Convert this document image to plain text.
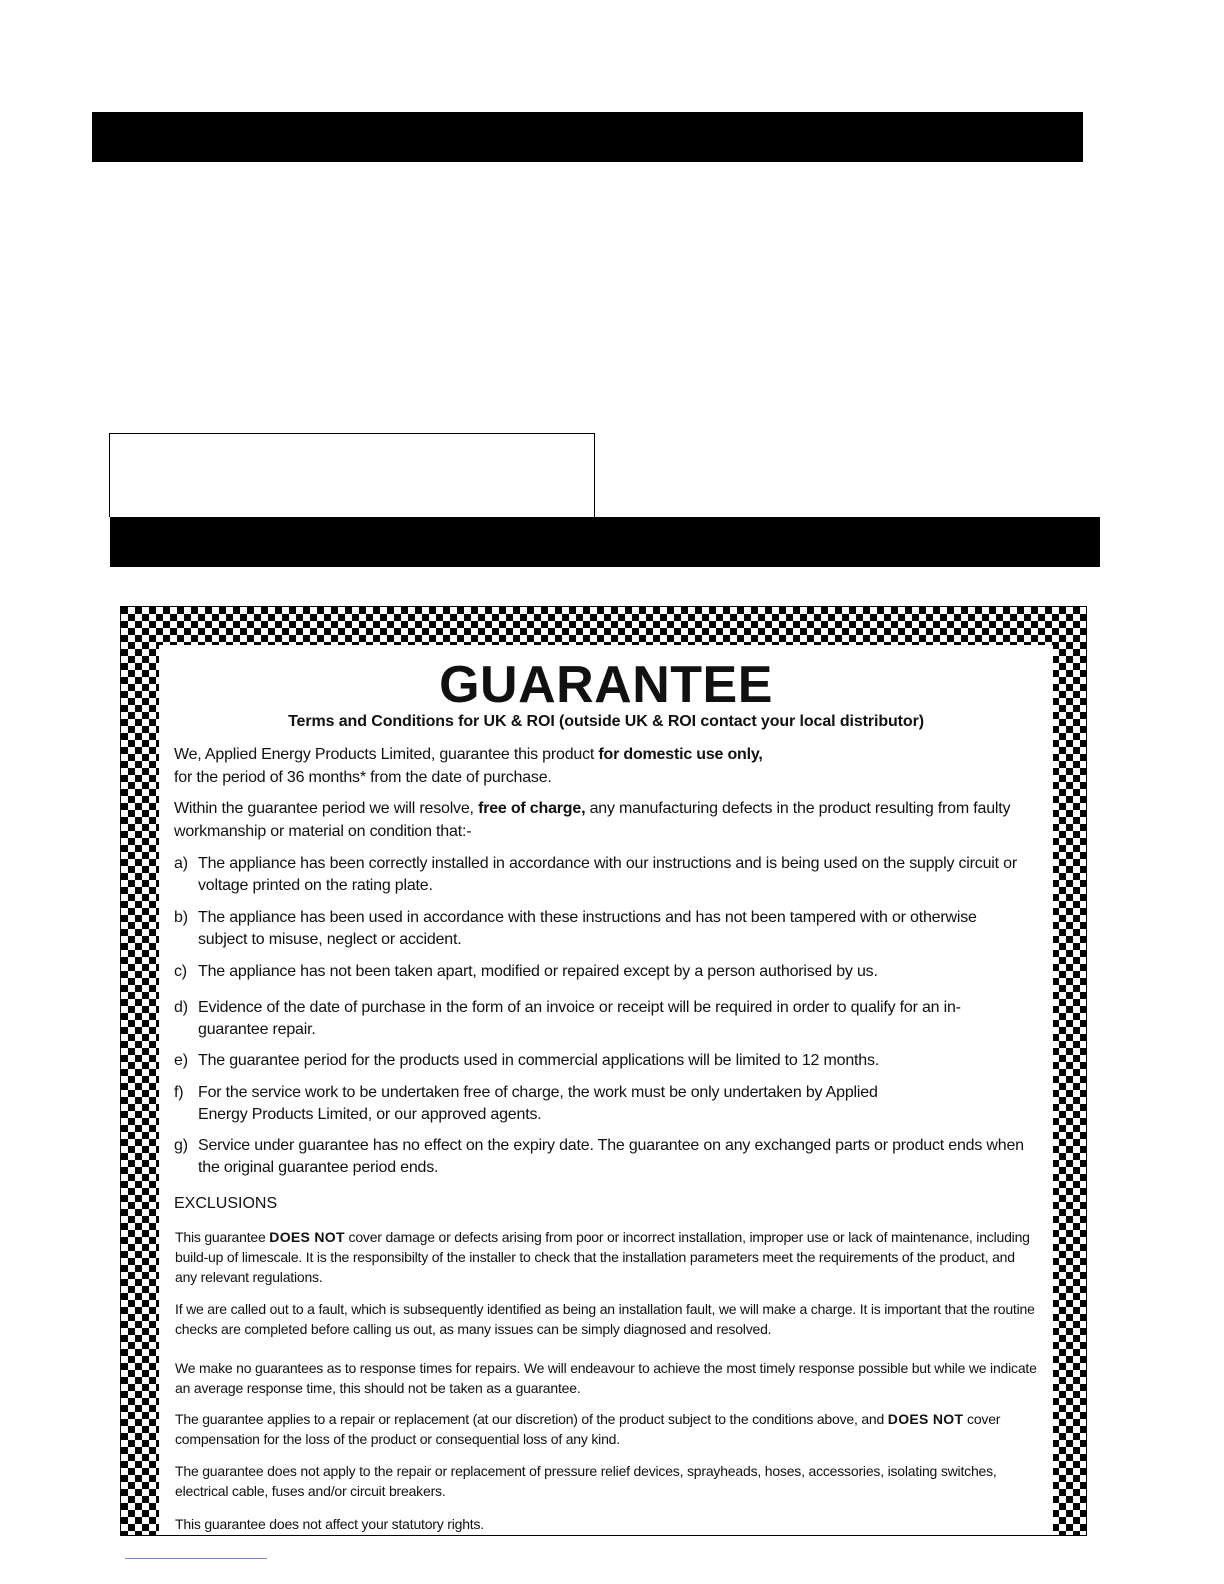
GUARANTEE
Terms and Conditions for UK & ROI (outside UK & ROI contact your local distributor)
We, Applied Energy Products Limited, guarantee this product for domestic use only,
for the period of 36 months* from the date of purchase.
Within the guarantee period we will resolve, free of charge, any manufacturing defects in the product resulting from faulty workmanship or material on condition that:-
a) The appliance has been correctly installed in accordance with our instructions and is being used on the supply circuit or voltage printed on the rating plate.
b) The appliance has been used in accordance with these instructions and has not been tampered with or otherwise subject to misuse, neglect or accident.
c) The appliance has not been taken apart, modified or repaired except by a person authorised by us.
d) Evidence of the date of purchase in the form of an invoice or receipt will be required in order to qualify for an in-guarantee repair.
e) The guarantee period for the products used in commercial applications will be limited to 12 months.
f) For the service work to be undertaken free of charge, the work must be only undertaken by Applied Energy Products Limited, or our approved agents.
g) Service under guarantee has no effect on the expiry date. The guarantee on any exchanged parts or product ends when the original guarantee period ends.
EXCLUSIONS
This guarantee DOES NOT cover damage or defects arising from poor or incorrect installation, improper use or lack of maintenance, including build-up of limescale. It is the responsibilty of the installer to check that the installation parameters meet the requirements of the product, and any relevant regulations.
If we are called out to a fault, which is subsequently identified as being an installation fault, we will make a charge. It is important that the routine checks are completed before calling us out, as many issues can be simply diagnosed and resolved.
We make no guarantees as to response times for repairs. We will endeavour to achieve the most timely response possible but while we indicate an average response time, this should not be taken as a guarantee.
The guarantee applies to a repair or replacement (at our discretion) of the product subject to the conditions above, and DOES NOT cover compensation for the loss of the product or consequential loss of any kind.
The guarantee does not apply to the repair or replacement of pressure relief devices, sprayheads, hoses, accessories, isolating switches, electrical cable, fuses and/or circuit breakers.
This guarantee does not affect your statutory rights.
